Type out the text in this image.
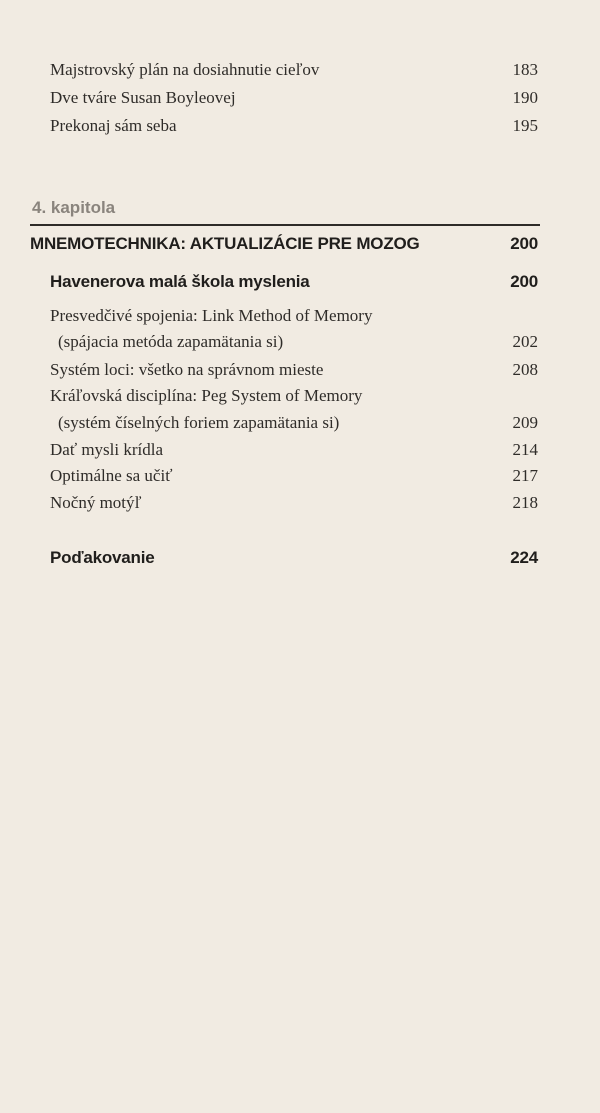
Majstrovský plán na dosiahnutie cieľov	183
Dve tváre Susan Boyleovej	190
Prekonaj sám seba	195
4. kapitola
MNEMOTECHNIKA: AKTUALIZÁCIE PRE MOZOG	200
Havenerova malá škola myslenia	200
Presvedčivé spojenia: Link Method of Memory
(spájacia metóda zapamätania si)	202
Systém loci: všetko na správnom mieste	208
Kráľovská disciplína: Peg System of Memory
(systém číselných foriem zapamätania si)	209
Dať mysli krídla	214
Optimálne sa učiť	217
Nočný motýľ	218
Poďakovanie	224
